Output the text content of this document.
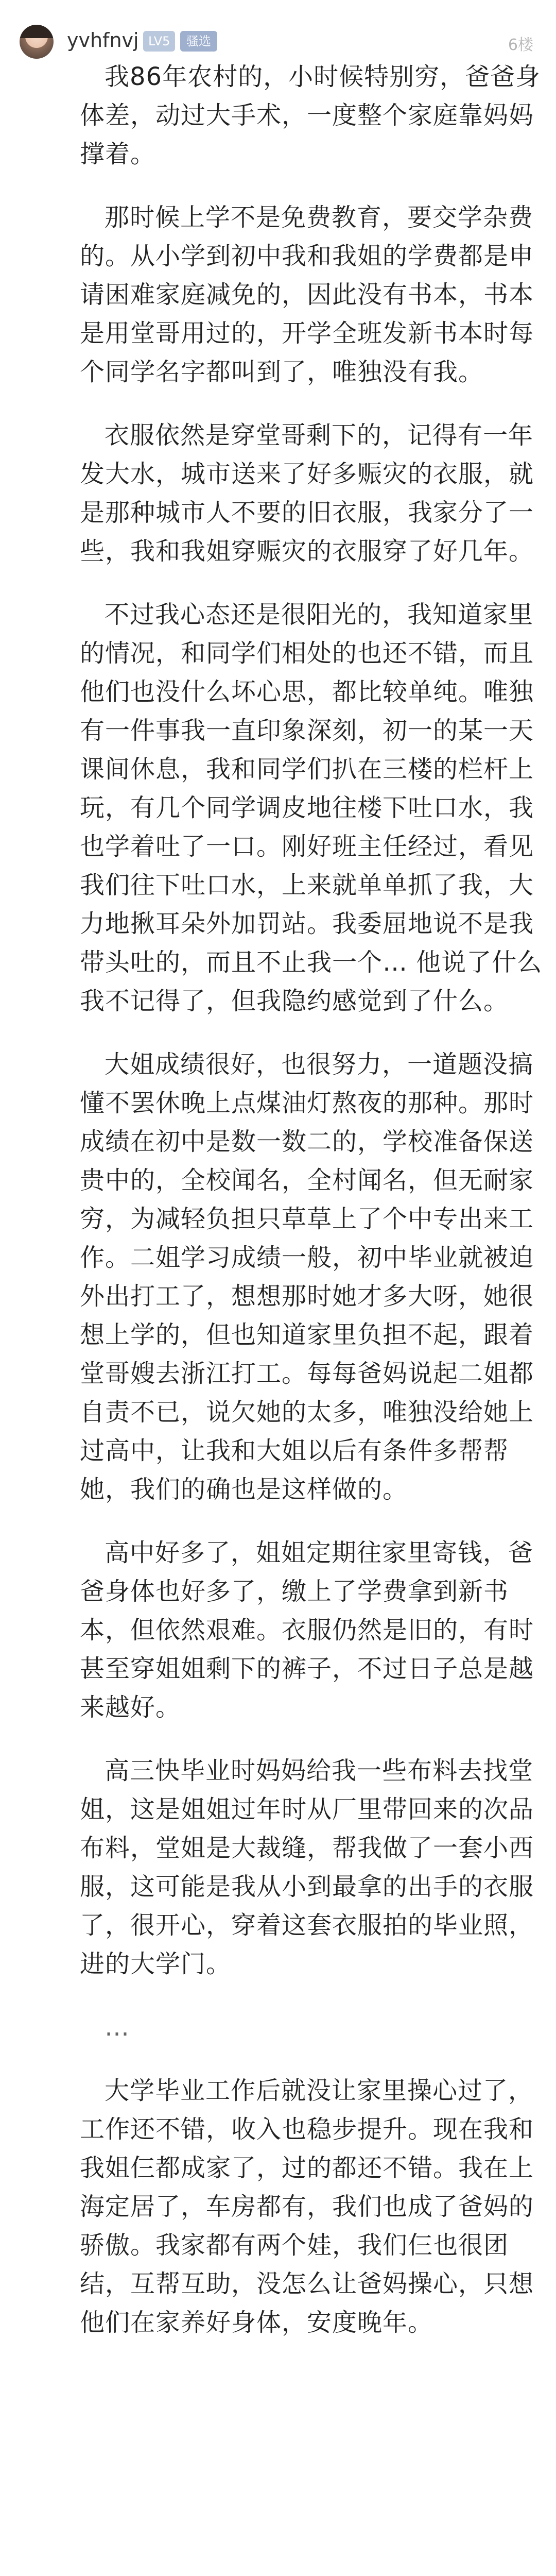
yvhfnvj LV5	骚选	6楼

我86年农村的，小时候特别穷，爸爸身体差，动过大手术，一度整个家庭靠妈妈撑着。

那时候上学不是免费教育，要交学杂费的。从小学到初中我和我姐的学费都是申请困难家庭减免的，因此没有书本，书本是用堂哥用过的，开学全班发新书本时每个同学名字都叫到了，唯独没有我。

衣服依然是穿堂哥剩下的，记得有一年发大水，城市送来了好多赈灾的衣服，就是那种城市人不要的旧衣服，我家分了一些，我和我姐穿赈灾的衣服穿了好几年。

不过我心态还是很阳光的，我知道家里的情况，和同学们相处的也还不错，而且他们也没什么坏心思，都比较单纯。唯独有一件事我一直印象深刻，初一的某一天课间休息，我和同学们扒在三楼的栏杆上玩，有几个同学调皮地往楼下吐口水，我也学着吐了一口。刚好班主任经过，看见我们往下吐口水，上来就单单抓了我，大力地揪耳朵外加罚站。我委屈地说不是我带头吐的，而且不止我一个… 他说了什么我不记得了，但我隐约感觉到了什么。

大姐成绩很好，也很努力，一道题没搞懂不罢休晚上点煤油灯熬夜的那种。那时成绩在初中是数一数二的，学校准备保送贵中的，全校闻名，全村闻名，但无耐家穷，为减轻负担只草草上了个中专出来工作。二姐学习成绩一般，初中毕业就被迫外出打工了，想想那时她才多大呀，她很想上学的，但也知道家里负担不起，跟着堂哥嫂去浙江打工。每每爸妈说起二姐都自责不已，说欠她的太多，唯独没给她上过高中，让我和大姐以后有条件多帮帮她，我们的确也是这样做的。

高中好多了，姐姐定期往家里寄钱，爸爸身体也好多了，缴上了学费拿到新书本，但依然艰难。衣服仍然是旧的，有时甚至穿姐姐剩下的裤子，不过日子总是越来越好。

高三快毕业时妈妈给我一些布料去找堂姐，这是姐姐过年时从厂里带回来的次品布料，堂姐是大裁缝，帮我做了一套小西服，这可能是我从小到最拿的出手的衣服了，很开心，穿着这套衣服拍的毕业照，进的大学门。

…

大学毕业工作后就没让家里操心过了，工作还不错，收入也稳步提升。现在我和我姐仨都成家了，过的都还不错。我在上海定居了，车房都有，我们也成了爸妈的骄傲。我家都有两个娃，我们仨也很团结，互帮互助，没怎么让爸妈操心，只想他们在家养好身体，安度晚年。
